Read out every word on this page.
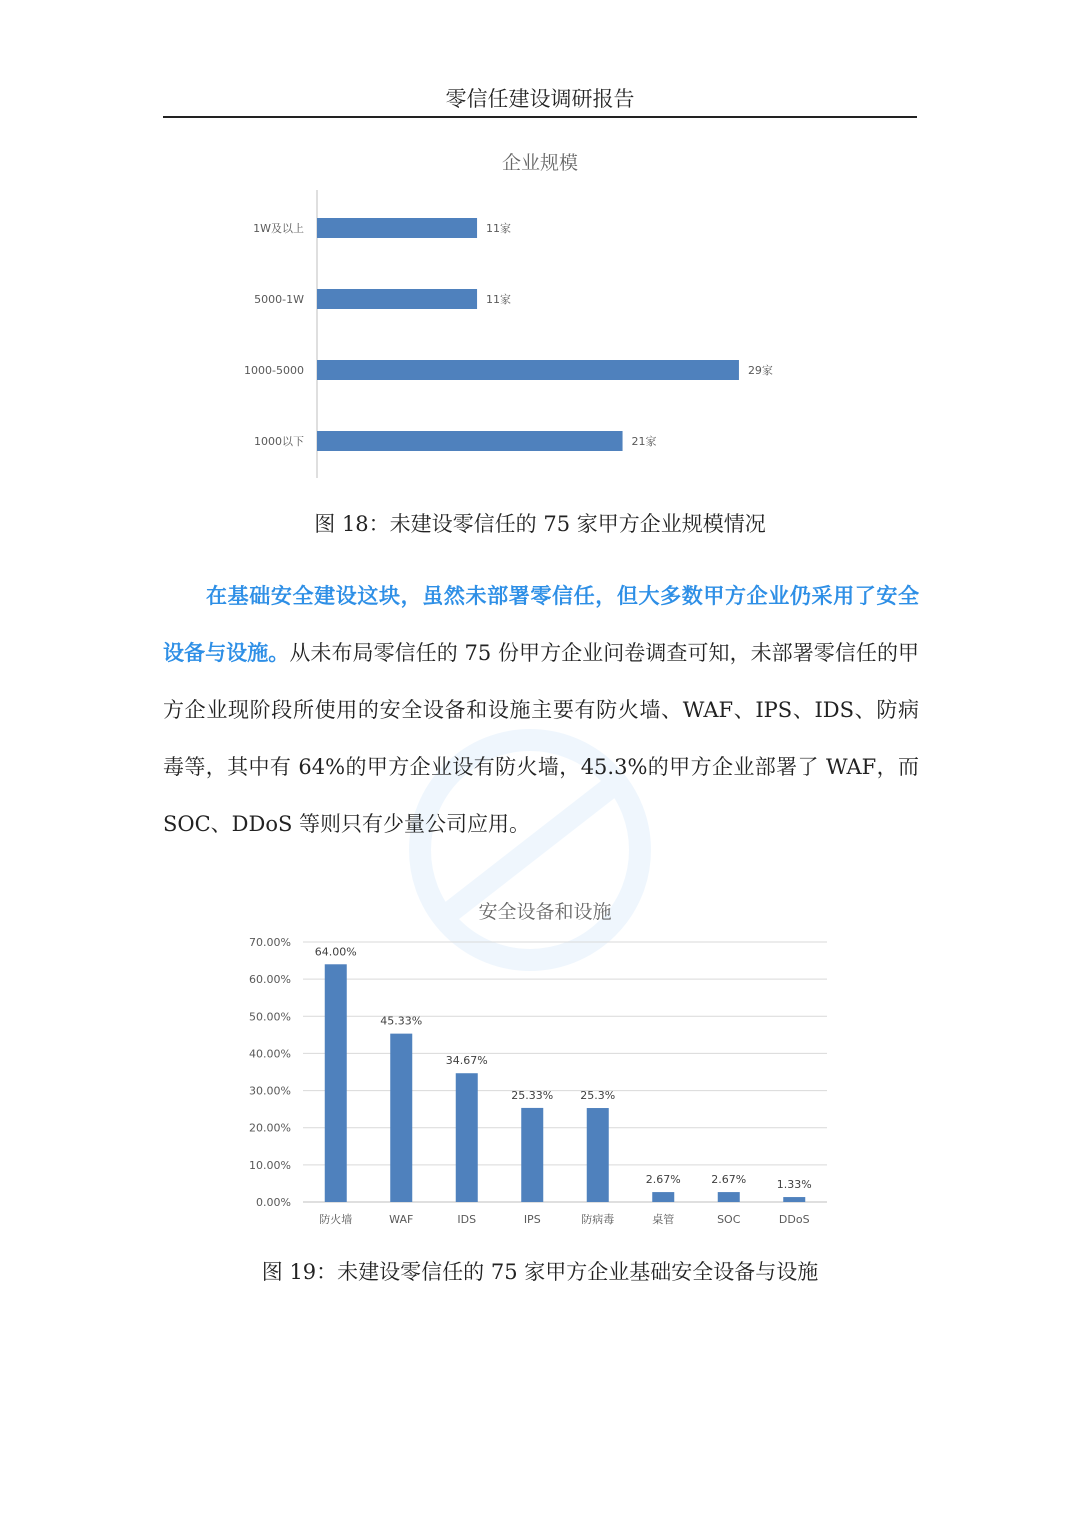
零信任建设调研报告
企业规模
1W及以上	11家
5000-1W	11家
1000-5000	29家
1000以下	21家
图 18：未建设零信任的 75 家甲方企业规模情况
在基础安全建设这块，虽然未部署零信任，但大多数甲方企业仍采用了安全设备与设施。从未布局零信任的 75 份甲方企业问卷调查可知，未部署零信任的甲方企业现阶段所使用的安全设备和设施主要有防火墙、WAF、IPS、IDS、防病毒等，其中有 64%的甲方企业设有防火墙，45.3%的甲方企业部署了 WAF，而 SOC、DDoS 等则只有少量公司应用。
安全设备和设施
0.00%
10.00%
20.00%
30.00%
40.00%
50.00%
60.00%
70.00%
64.00%
防火墙
45.33%
WAF
34.67%
IDS
25.33%
IPS
25.3%
防病毒
2.67%
桌管
2.67%
SOC
1.33%
DDoS
图 19：未建设零信任的 75 家甲方企业基础安全设备与设施
